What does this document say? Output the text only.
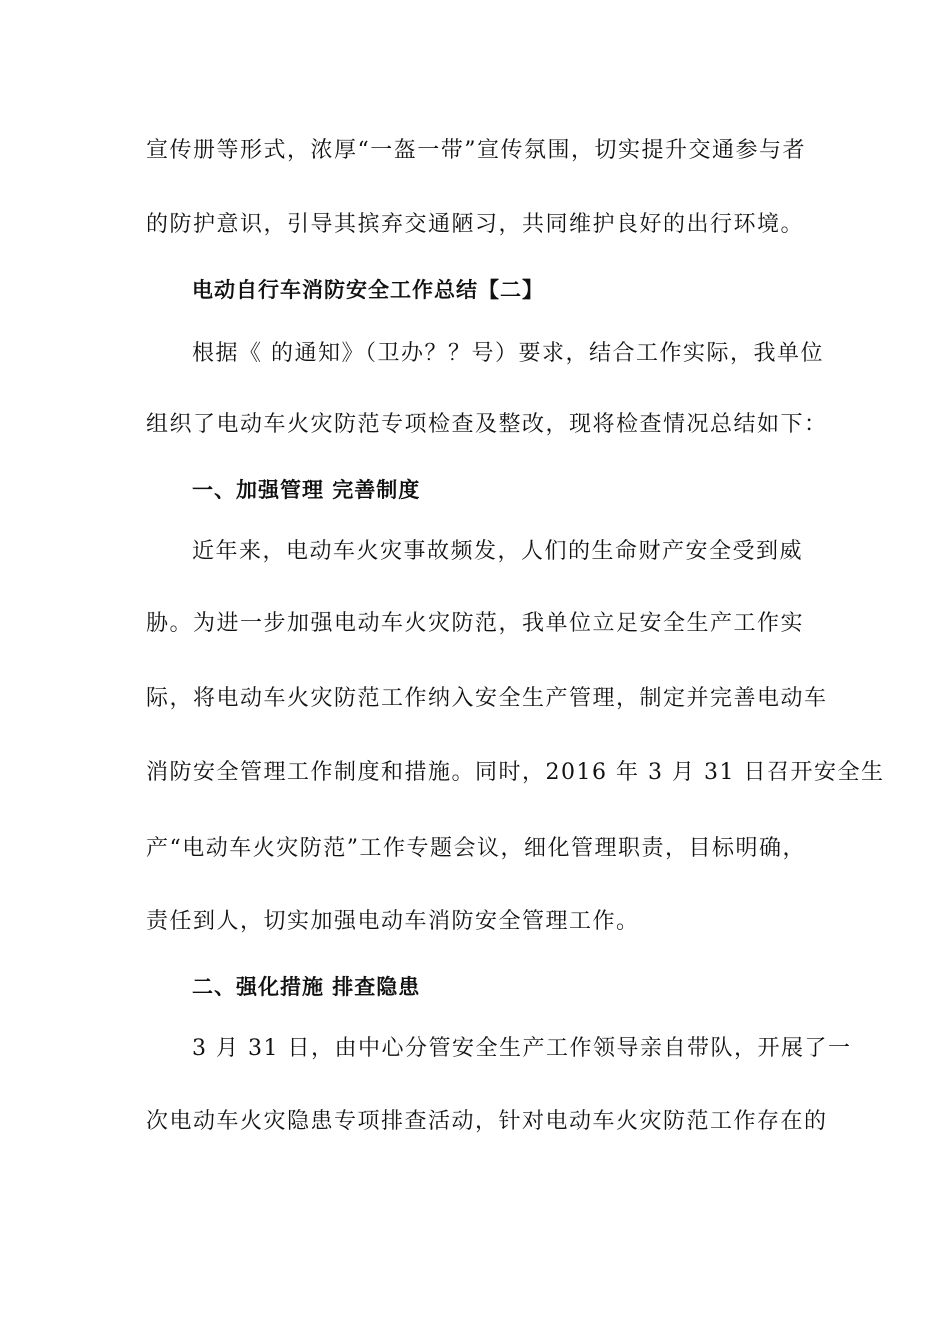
宣传册等形式，浓厚“一盔一带”宣传氛围，切实提升交通参与者
的防护意识，引导其摈弃交通陋习，共同维护良好的出行环境。
电动自行车消防安全工作总结【二】
根据《 的通知》（卫办？？号）要求，结合工作实际，我单位
组织了电动车火灾防范专项检查及整改，现将检查情况总结如下：
一、加强管理 完善制度
近年来，电动车火灾事故频发，人们的生命财产安全受到威
胁。为进一步加强电动车火灾防范，我单位立足安全生产工作实
际，将电动车火灾防范工作纳入安全生产管理，制定并完善电动车
消防安全管理工作制度和措施。同时，2016 年 3 月 31 日召开安全生
产“电动车火灾防范”工作专题会议，细化管理职责，目标明确，
责任到人，切实加强电动车消防安全管理工作。
二、强化措施 排查隐患
3 月 31 日，由中心分管安全生产工作领导亲自带队，开展了一
次电动车火灾隐患专项排查活动，针对电动车火灾防范工作存在的
